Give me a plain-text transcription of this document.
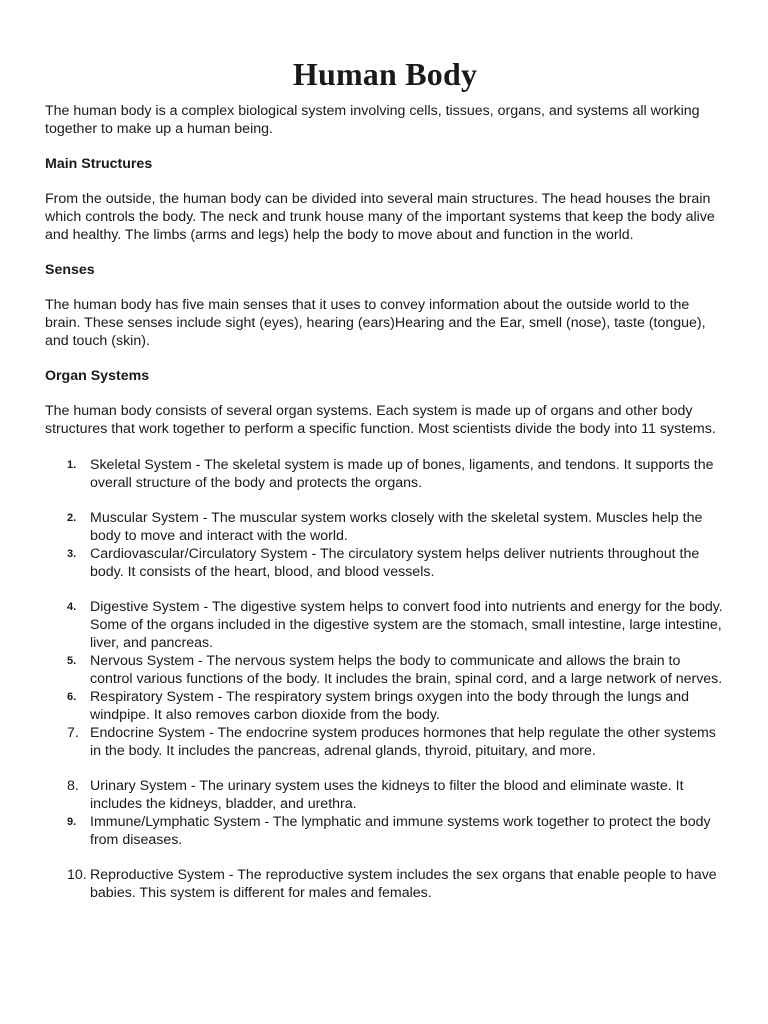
Human Body

The human body is a complex biological system involving cells, tissues, organs, and systems all working together to make up a human being.

Main Structures

From the outside, the human body can be divided into several main structures. The head houses the brain which controls the body. The neck and trunk house many of the important systems that keep the body alive and healthy. The limbs (arms and legs) help the body to move about and function in the world.

Senses

The human body has five main senses that it uses to convey information about the outside world to the brain. These senses include sight (eyes), hearing (ears)Hearing and the Ear, smell (nose), taste (tongue), and touch (skin).

Organ Systems

The human body consists of several organ systems. Each system is made up of organs and other body structures that work together to perform a specific function. Most scientists divide the body into 11 systems.

1. Skeletal System - The skeletal system is made up of bones, ligaments, and tendons. It supports the overall structure of the body and protects the organs.
2. Muscular System - The muscular system works closely with the skeletal system. Muscles help the body to move and interact with the world.
3. Cardiovascular/Circulatory System - The circulatory system helps deliver nutrients throughout the body. It consists of the heart, blood, and blood vessels.
4. Digestive System - The digestive system helps to convert food into nutrients and energy for the body. Some of the organs included in the digestive system are the stomach, small intestine, large intestine, liver, and pancreas.
5. Nervous System - The nervous system helps the body to communicate and allows the brain to control various functions of the body. It includes the brain, spinal cord, and a large network of nerves.
6. Respiratory System - The respiratory system brings oxygen into the body through the lungs and windpipe. It also removes carbon dioxide from the body.
7. Endocrine System - The endocrine system produces hormones that help regulate the other systems in the body. It includes the pancreas, adrenal glands, thyroid, pituitary, and more.
8. Urinary System - The urinary system uses the kidneys to filter the blood and eliminate waste. It includes the kidneys, bladder, and urethra.
9. Immune/Lymphatic System - The lymphatic and immune systems work together to protect the body from diseases.
10. Reproductive System - The reproductive system includes the sex organs that enable people to have babies. This system is different for males and females.
